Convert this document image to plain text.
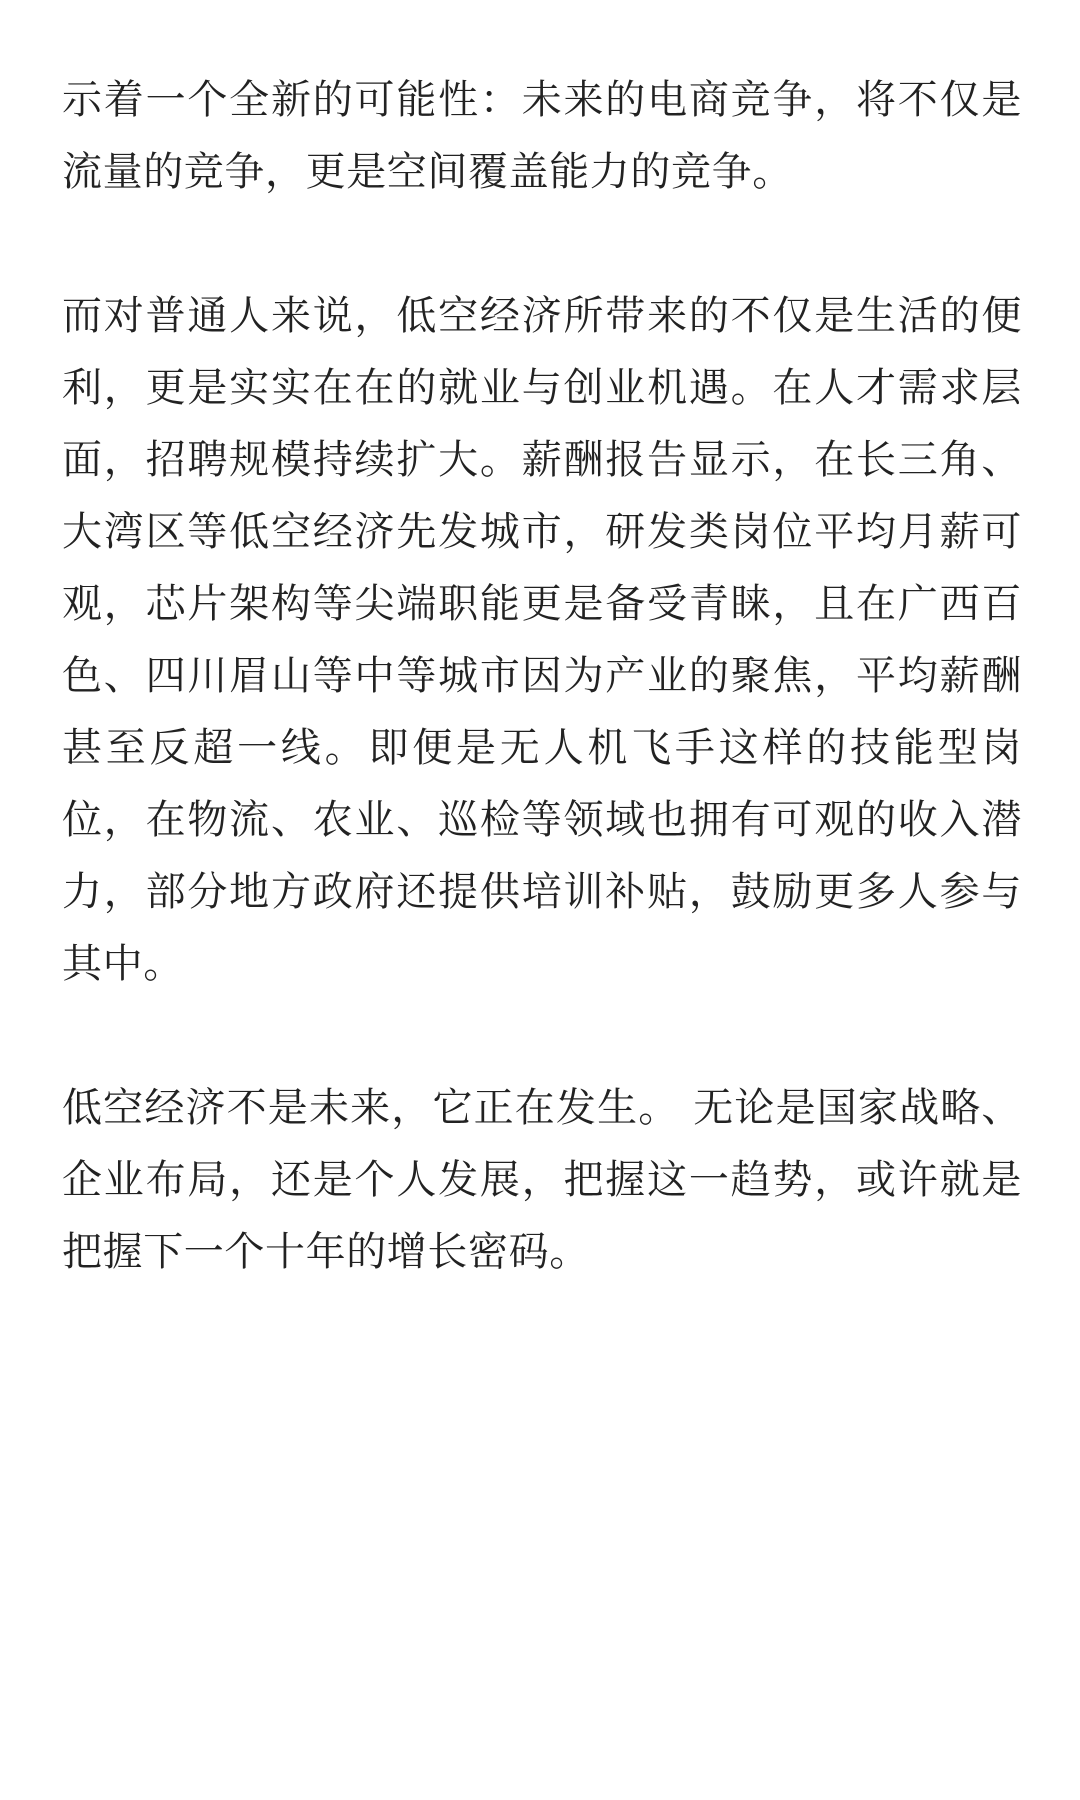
示着一个全新的可能性：未来的电商竞争，将不仅是流量的竞争，更是空间覆盖能力的竞争。

而对普通人来说，低空经济所带来的不仅是生活的便利，更是实实在在的就业与创业机遇。在人才需求层面，招聘规模持续扩大。薪酬报告显示，在长三角、大湾区等低空经济先发城市，研发类岗位平均月薪可观，芯片架构等尖端职能更是备受青睐，且在广西百色、四川眉山等中等城市因为产业的聚焦，平均薪酬甚至反超一线。即便是无人机飞手这样的技能型岗位，在物流、农业、巡检等领域也拥有可观的收入潜力，部分地方政府还提供培训补贴，鼓励更多人参与其中。

低空经济不是未来，它正在发生。 无论是国家战略、企业布局，还是个人发展，把握这一趋势，或许就是把握下一个十年的增长密码。
